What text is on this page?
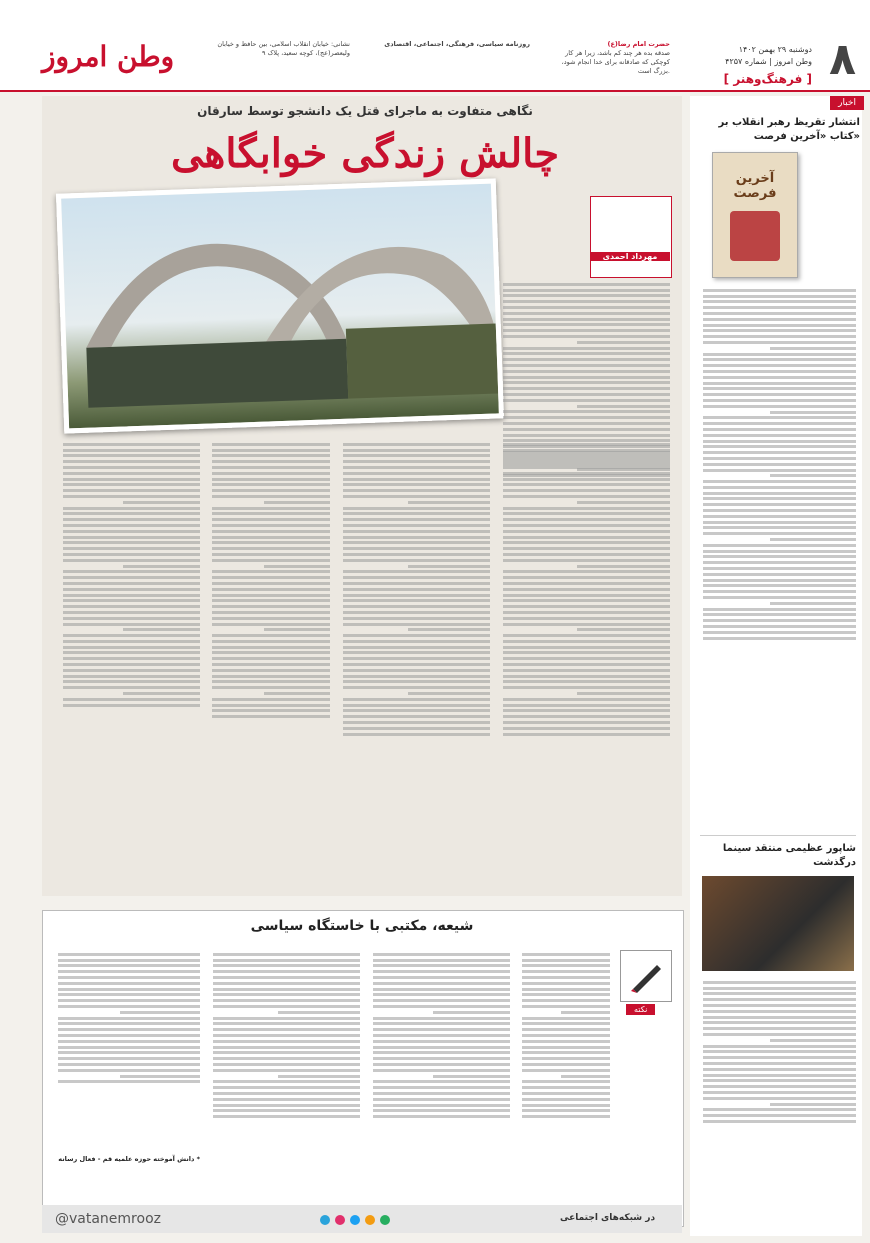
۸
دوشنبه ۲۹ بهمن ۱۴۰۲
وطن امروز | شماره ۴۲۵۷
[ فرهنگ‌وهنر ]
حضرت امام رضا(ع)
صدقه بده هر چند کم باشد، زیرا هر کار کوچکی که صادقانه برای خدا انجام شود، بزرگ است.
روزنامه سیاسی، فرهنگی، اجتماعی، اقتصادی
نشانی: خیابان انقلاب اسلامی، بین حافظ و خیابان ولیعصر(عج)، کوچه سعید، پلاک ۹
وطن امروز
اخبار
انتشار تقریظ رهبر انقلاب بر کتاب «آخرین فرصت»
آخرین فرصت
شاپور عظیمی منتقد سینما درگذشت
نگاهی متفاوت به ماجرای قتل یک دانشجو توسط سارقان
چالش زندگی خوابگاهی
مهرداد احمدی
شیعه، مکتبی با خاستگاه سیاسی
نکته
* دانش آموخته حوزه علمیه قم - فعال رسانه
@vatanemrooz	در شبکه‌های اجتماعی
